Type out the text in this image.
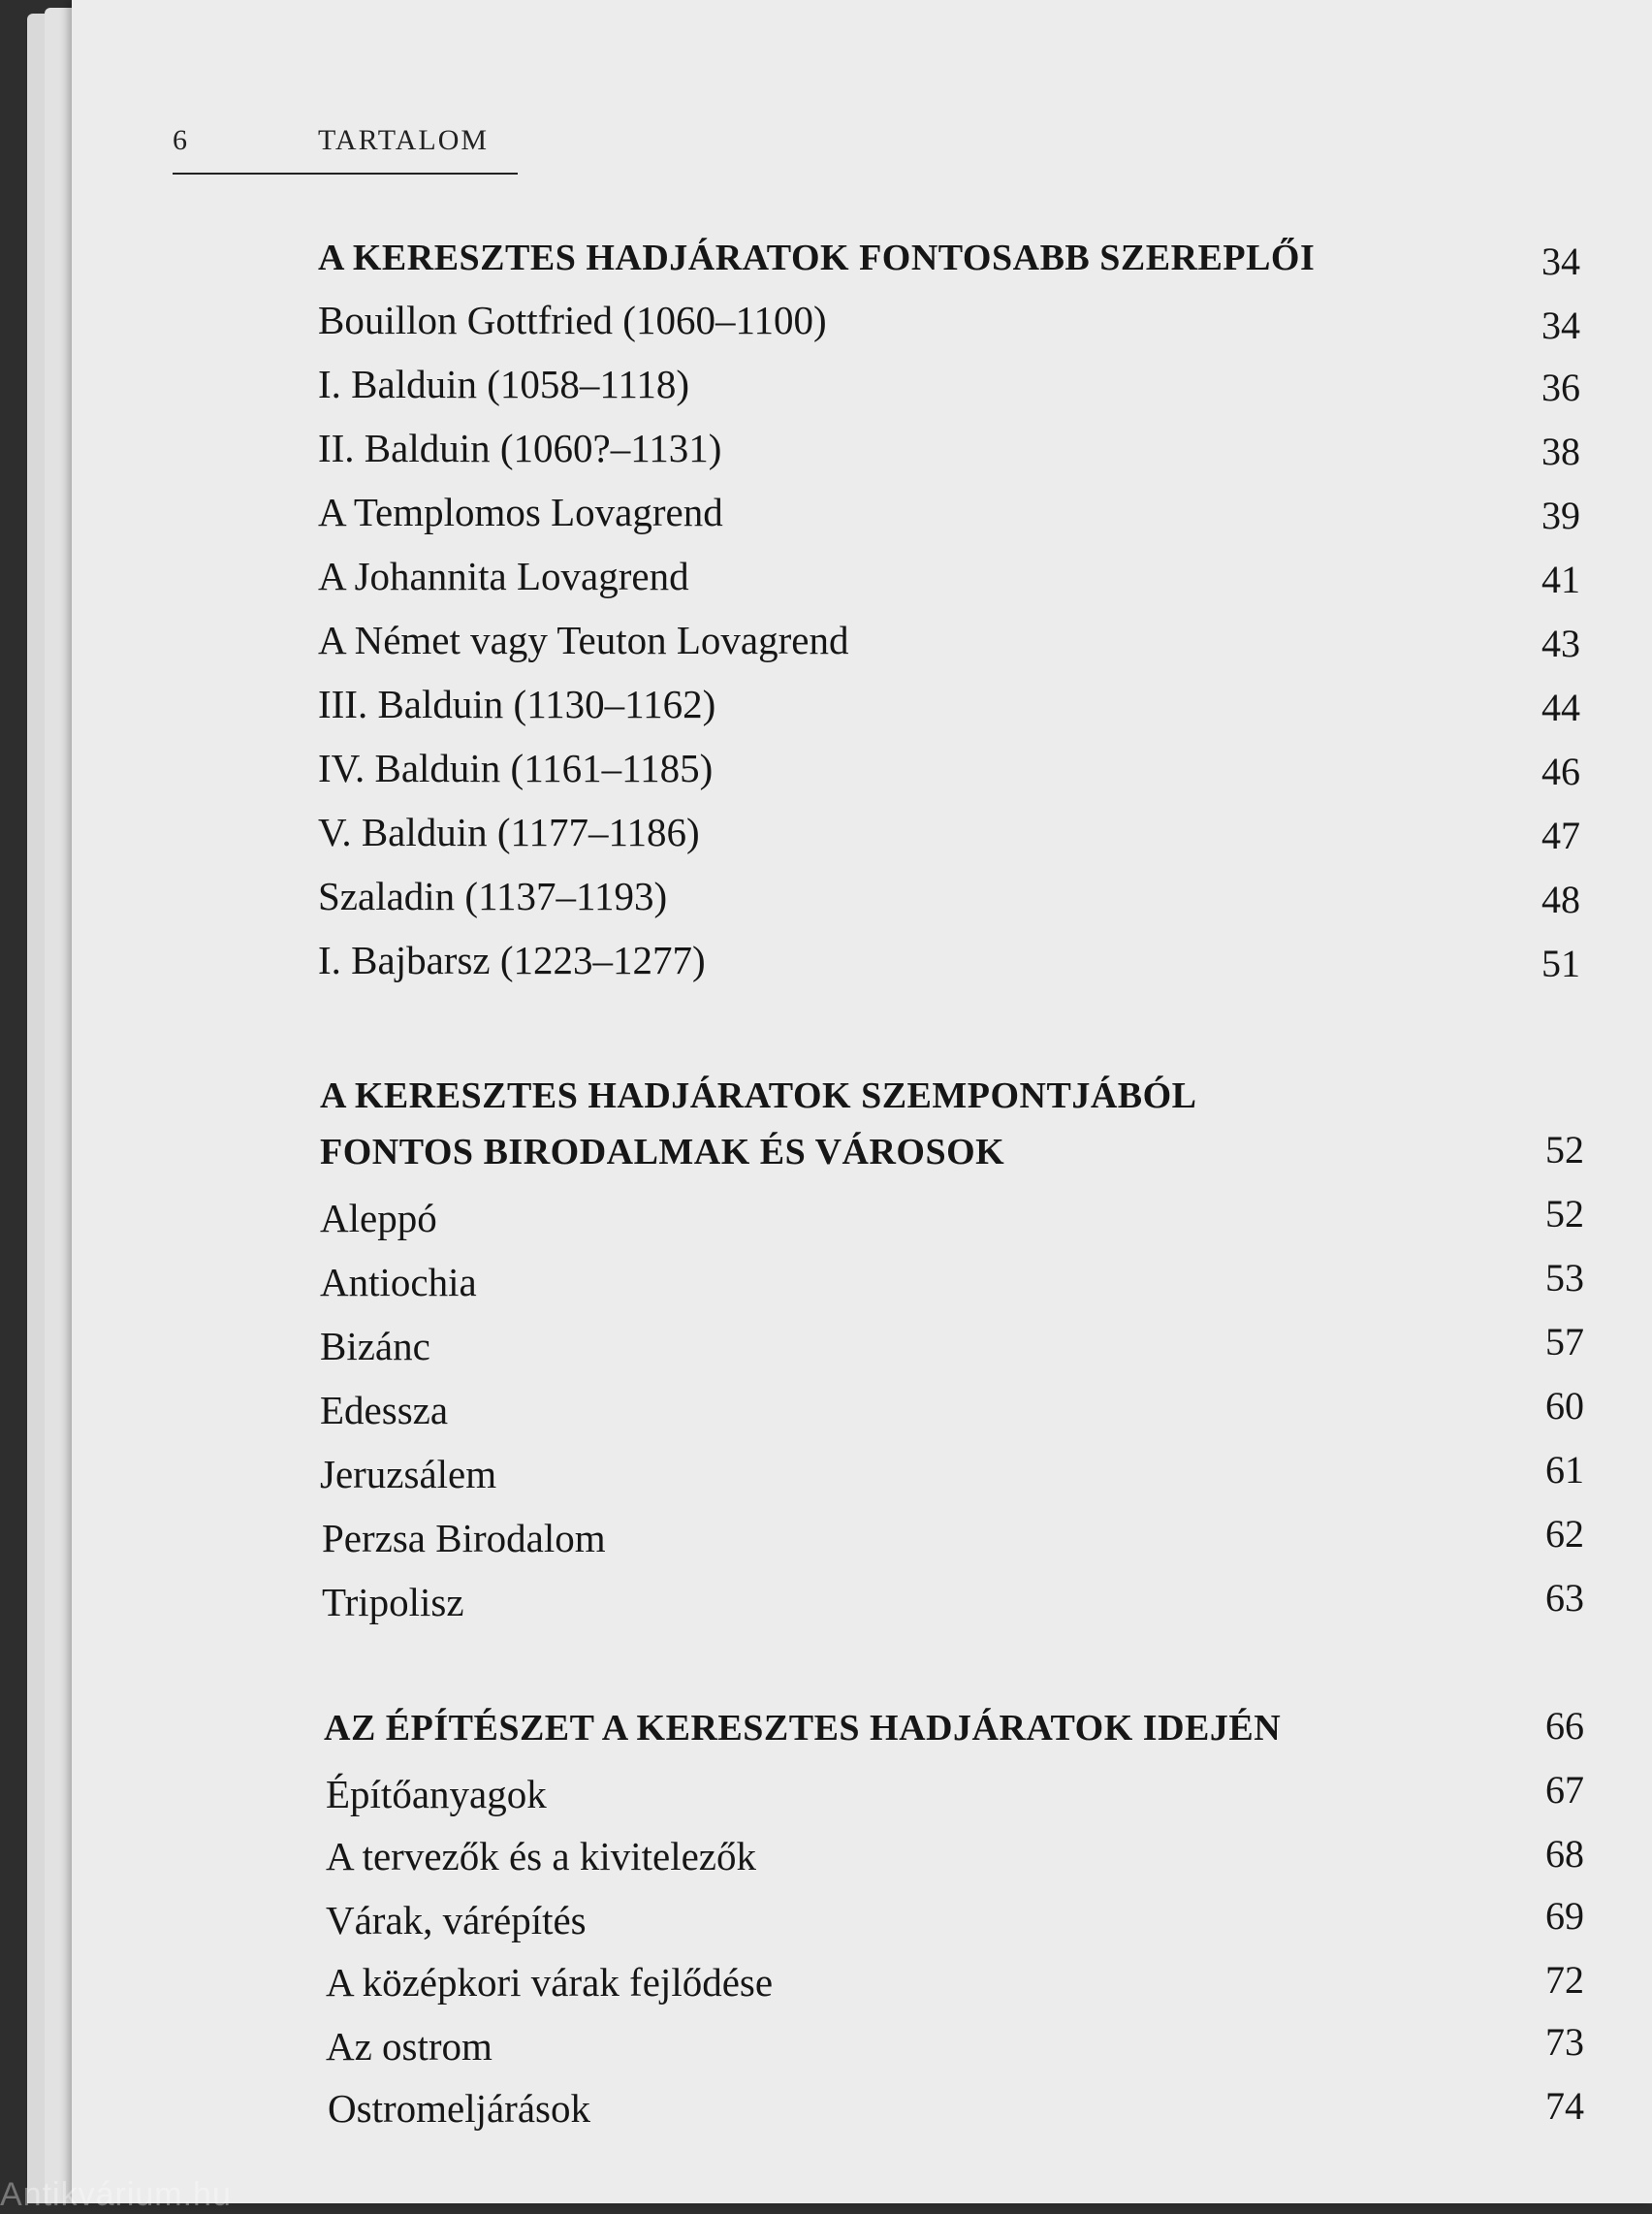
6	TARTALOM
A KERESZTES HADJÁRATOK FONTOSABB SZEREPLŐI	34
Bouillon Gottfried (1060–1100)	34
I. Balduin (1058–1118)	36
II. Balduin (1060?–1131)	38
A Templomos Lovagrend	39
A Johannita Lovagrend	41
A Német vagy Teuton Lovagrend	43
III. Balduin (1130–1162)	44
IV. Balduin (1161–1185)	46
V. Balduin (1177–1186)	47
Szaladin (1137–1193)	48
I. Bajbarsz (1223–1277)	51
A KERESZTES HADJÁRATOK SZEMPONTJÁBÓL
FONTOS BIRODALMAK ÉS VÁROSOK	52
Aleppó	52
Antiochia	53
Bizánc	57
Edessza	60
Jeruzsálem	61
Perzsa Birodalom	62
Tripolisz	63
AZ ÉPÍTÉSZET A KERESZTES HADJÁRATOK IDEJÉN	66
Építőanyagok	67
A tervezők és a kivitelezők	68
Várak, várépítés	69
A középkori várak fejlődése	72
Az ostrom	73
Ostromeljárások	74
Antikvárium.hu
